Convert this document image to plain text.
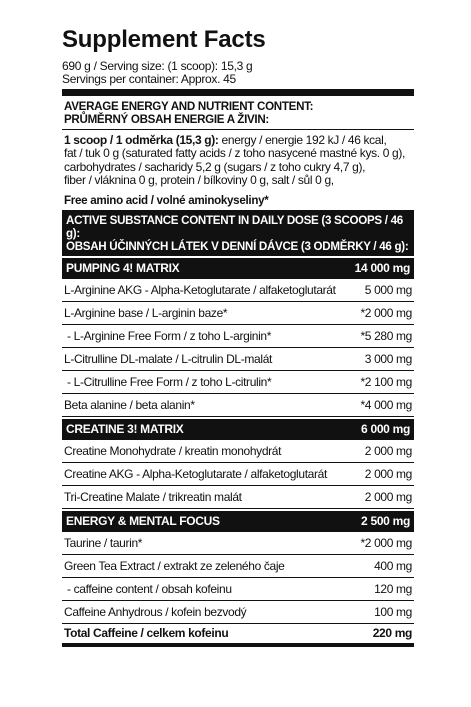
Supplement Facts
690 g / Serving size: (1 scoop): 15,3 g
Servings per container: Approx. 45
AVERAGE ENERGY AND NUTRIENT CONTENT:
PRŮMĚRNÝ OBSAH ENERGIE A ŽIVIN:
1 scoop / 1 odměrka (15,3 g): energy / energie 192 kJ / 46 kcal,
fat / tuk 0 g (saturated fatty acids / z toho nasycené mastné kys. 0 g),
carbohydrates / sacharidy 5,2 g (sugars / z toho cukry 4,7 g),
fiber / vláknina 0 g, protein / bílkoviny 0 g, salt / sůl 0 g,
Free amino acid / volné aminokyseliny*
ACTIVE SUBSTANCE CONTENT IN DAILY DOSE (3 SCOOPS / 46 g):
OBSAH ÚČINNÝCH LÁTEK V DENNÍ DÁVCE (3 ODMĚRKY / 46 g):
PUMPING 4! MATRIX	14 000 mg
L-Arginine AKG - Alpha-Ketoglutarate / alfaketoglutarát 5 000 mg
L-Arginine base / L-arginin baze*	*2 000 mg
- L-Arginine Free Form / z toho L-arginin*	*5 280 mg
L-Citrulline DL-malate / L-citrulin DL-malát	3 000 mg
- L-Citrulline Free Form / z toho L-citrulin*	*2 100 mg
Beta alanine / beta alanin*	*4 000 mg
CREATINE 3! MATRIX	6 000 mg
Creatine Monohydrate / kreatin monohydrát	2 000 mg
Creatine AKG - Alpha-Ketoglutarate / alfaketoglutarát	2 000 mg
Tri-Creatine Malate / trikreatin malát	2 000 mg
ENERGY & MENTAL FOCUS	2 500 mg
Taurine / taurin*	*2 000 mg
Green Tea Extract / extrakt ze zeleného čaje	400 mg
- caffeine content / obsah kofeinu	120 mg
Caffeine Anhydrous / kofein bezvodý	100 mg
Total Caffeine / celkem kofeinu	220 mg
